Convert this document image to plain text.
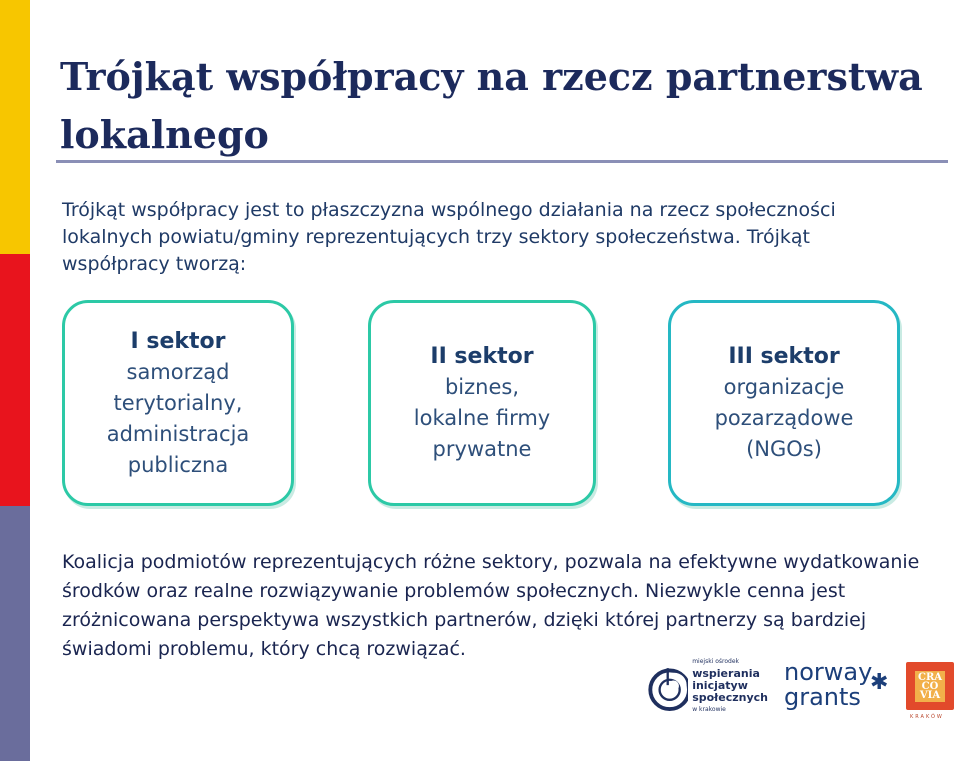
Trójkąt współpracy na rzecz partnerstwa lokalnego

Trójkąt współpracy jest to płaszczyzna wspólnego działania na rzecz społeczności lokalnych powiatu/gminy reprezentujących trzy sektory społeczeństwa. Trójkąt współpracy tworzą:

I sektor
samorząd
terytorialny,
administracja
publiczna
II sektor
biznes,
lokalne firmy
prywatne
III sektor
organizacje
pozarządowe
(NGOs)

Koalicja podmiotów reprezentujących różne sektory, pozwala na efektywne wydatkowanie środków oraz realne rozwiązywanie problemów społecznych. Niezwykle cenna jest zróżnicowana perspektywa wszystkich partnerów, dzięki której partnerzy są bardziej świadomi problemu, który chcą rozwiązać.

miejski ośrodek
wspierania
inicjatyw
społecznych
w krakowie
norway
grants
✱	CRA
CO
VIA
KRAKÓW
